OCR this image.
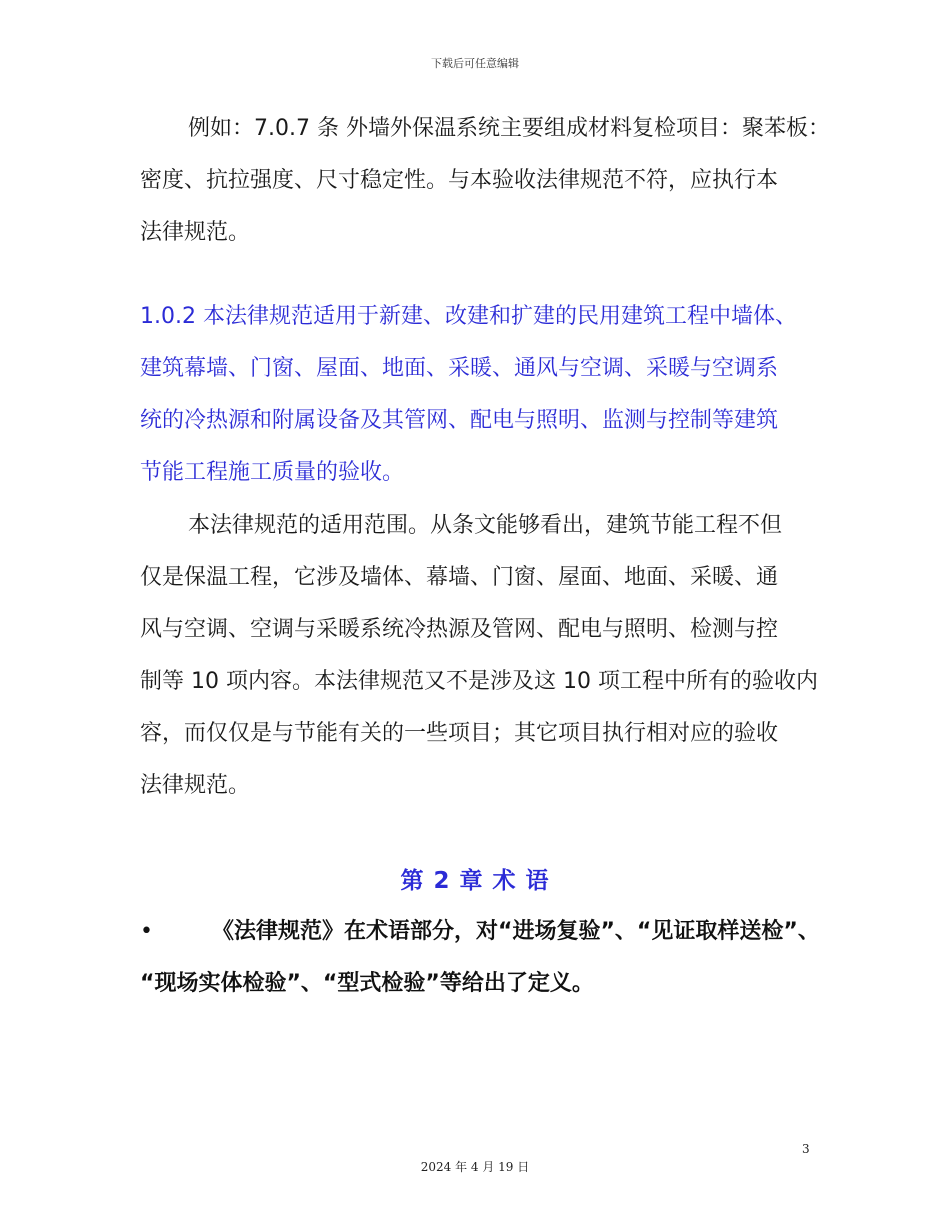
下载后可任意编辑
例如：7.0.7 条 外墙外保温系统主要组成材料复检项目：聚苯板：
密度、抗拉强度、尺寸稳定性。与本验收法律规范不符，应执行本
法律规范。
1.0.2 本法律规范适用于新建、改建和扩建的民用建筑工程中墙体、
建筑幕墙、门窗、屋面、地面、采暖、通风与空调、采暖与空调系
统的冷热源和附属设备及其管网、配电与照明、监测与控制等建筑
节能工程施工质量的验收。
本法律规范的适用范围。从条文能够看出，建筑节能工程不但
仅是保温工程，它涉及墙体、幕墙、门窗、屋面、地面、采暖、通
风与空调、空调与采暖系统冷热源及管网、配电与照明、检测与控
制等 10 项内容。本法律规范又不是涉及这 10 项工程中所有的验收内
容，而仅仅是与节能有关的一些项目；其它项目执行相对应的验收
法律规范。
第 2 章 术 语
•	《法律规范》在术语部分，对“进场复验”、“见证取样送检”、
“现场实体检验”、“型式检验”等给出了定义。
3
2024 年 4 月 19 日
